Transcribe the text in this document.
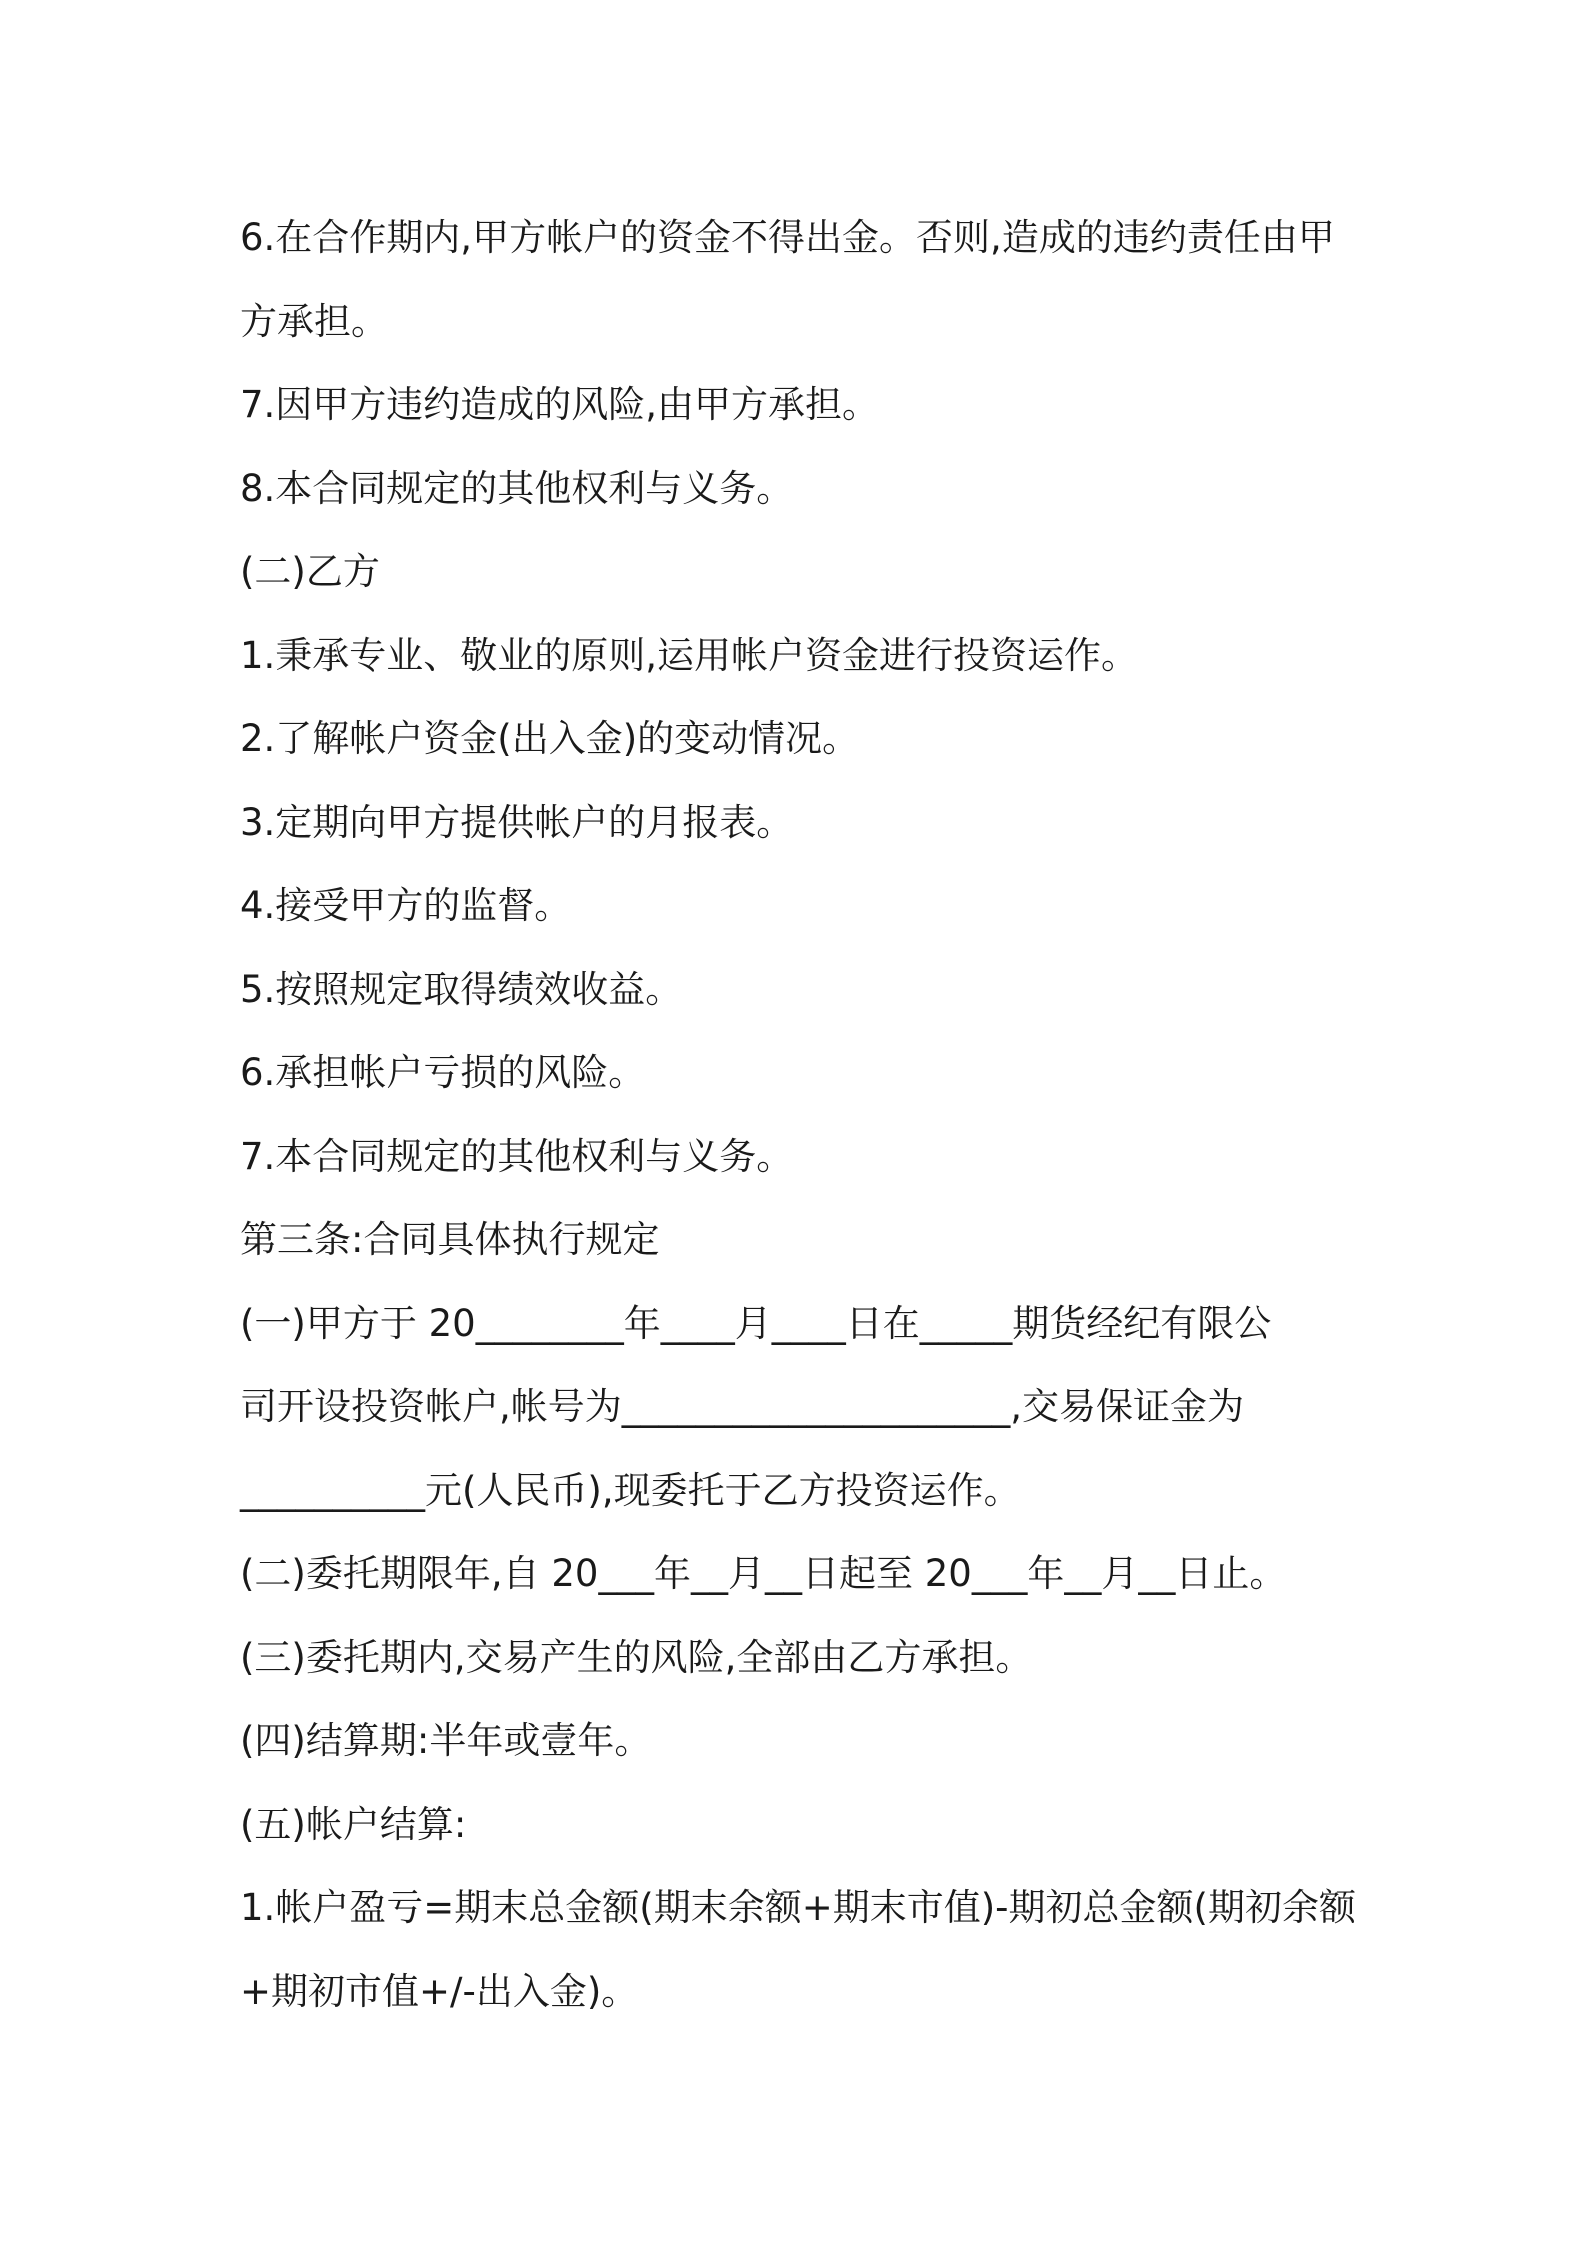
6.在合作期内,甲方帐户的资金不得出金。否则,造成的违约责任由甲
方承担。
7.因甲方违约造成的风险,由甲方承担。
8.本合同规定的其他权利与义务。
(二)乙方
1.秉承专业、敬业的原则,运用帐户资金进行投资运作。
2.了解帐户资金(出入金)的变动情况。
3.定期向甲方提供帐户的月报表。
4.接受甲方的监督。
5.按照规定取得绩效收益。
6.承担帐户亏损的风险。
7.本合同规定的其他权利与义务。
第三条:合同具体执行规定
(一)甲方于 20________年____月____日在_____期货经纪有限公
司开设投资帐户,帐号为_____________________,交易保证金为
__________元(人民币),现委托于乙方投资运作。
(二)委托期限年,自 20___年__月__日起至 20___年__月__日止。
(三)委托期内,交易产生的风险,全部由乙方承担。
(四)结算期:半年或壹年。
(五)帐户结算:
1.帐户盈亏=期末总金额(期末余额+期末市值)-期初总金额(期初余额
+期初市值+/-出入金)。
